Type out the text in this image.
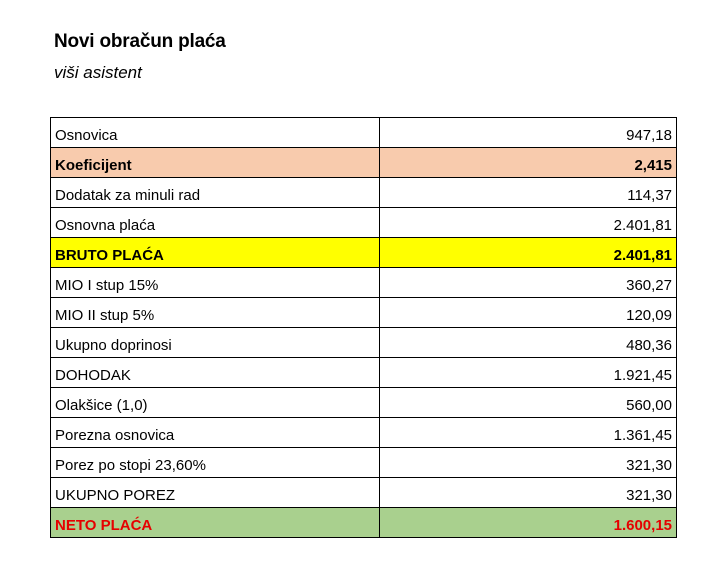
Novi obračun plaća
viši asistent
Osnovica	947,18
Koeficijent	2,415
Dodatak za minuli rad	114,37
Osnovna plaća	2.401,81
BRUTO PLAĆA	2.401,81
MIO I stup 15%	360,27
MIO II stup 5%	120,09
Ukupno doprinosi	480,36
DOHODAK	1.921,45
Olakšice (1,0)	560,00
Porezna osnovica	1.361,45
Porez po stopi 23,60%	321,30
UKUPNO POREZ	321,30
NETO PLAĆA	1.600,15
